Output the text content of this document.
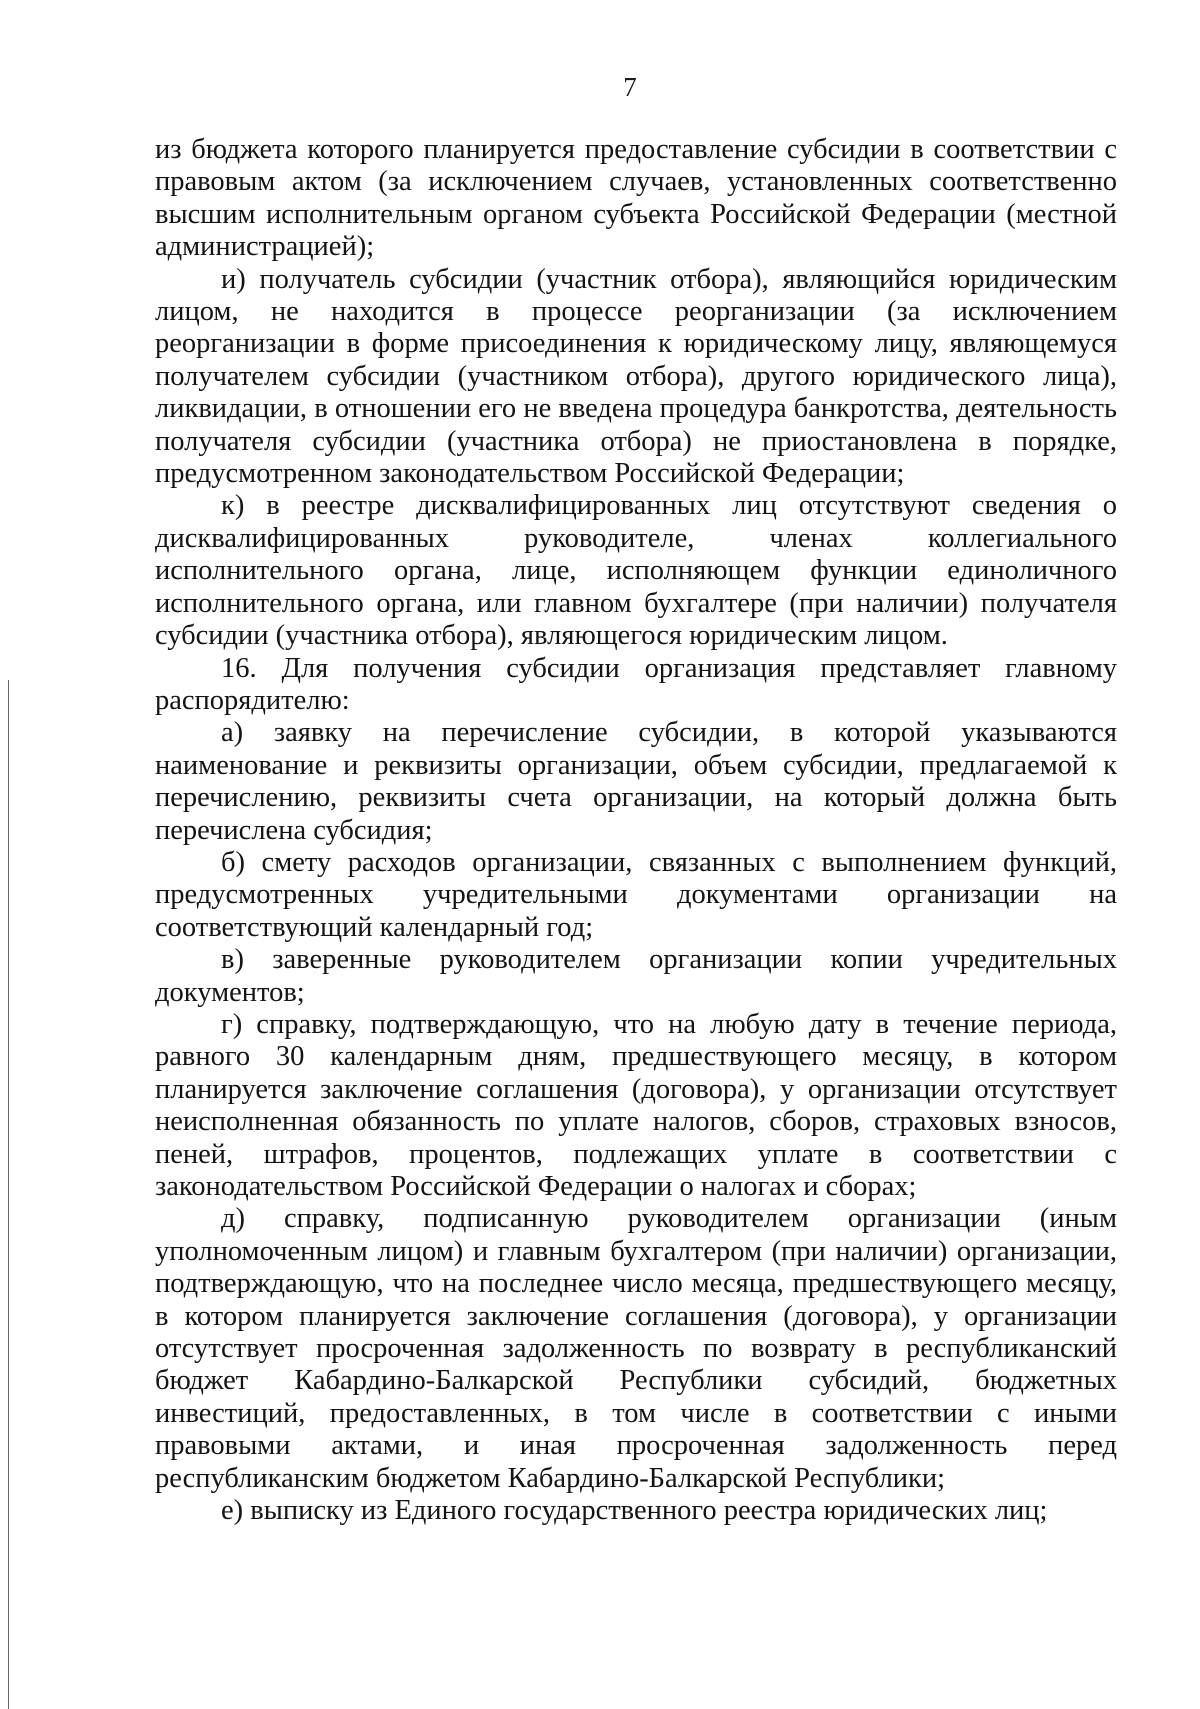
7

из бюджета которого планируется предоставление субсидии в соответствии с правовым актом (за исключением случаев, установленных соответственно высшим исполнительным органом субъекта Российской Федерации (местной администрацией);

и) получатель субсидии (участник отбора), являющийся юридическим лицом, не находится в процессе реорганизации (за исключением реорганизации в форме присоединения к юридическому лицу, являющемуся получателем субсидии (участником отбора), другого юридического лица), ликвидации, в отношении его не введена процедура банкротства, деятельность получателя субсидии (участника отбора) не приостановлена в порядке, предусмотренном законодательством Российской Федерации;

к) в реестре дисквалифицированных лиц отсутствуют сведения о дисквалифицированных руководителе, членах коллегиального исполнительного органа, лице, исполняющем функции единоличного исполнительного органа, или главном бухгалтере (при наличии) получателя субсидии (участника отбора), являющегося юридическим лицом.

16. Для получения субсидии организация представляет главному распорядителю:

а) заявку на перечисление субсидии, в которой указываются наименование и реквизиты организации, объем субсидии, предлагаемой к перечислению, реквизиты счета организации, на который должна быть перечислена субсидия;

б) смету расходов организации, связанных с выполнением функций, предусмотренных учредительными документами организации на соответствующий календарный год;

в) заверенные руководителем организации копии учредительных документов;

г) справку, подтверждающую, что на любую дату в течение периода, равного 30 календарным дням, предшествующего месяцу, в котором планируется заключение соглашения (договора), у организации отсутствует неисполненная обязанность по уплате налогов, сборов, страховых взносов, пеней, штрафов, процентов, подлежащих уплате в соответствии с законодательством Российской Федерации о налогах и сборах;

д) справку, подписанную руководителем организации (иным уполномоченным лицом) и главным бухгалтером (при наличии) организации, подтверждающую, что на последнее число месяца, предшествующего месяцу, в котором планируется заключение соглашения (договора), у организации отсутствует просроченная задолженность по возврату в республиканский бюджет Кабардино-Балкарской Республики субсидий, бюджетных инвестиций, предоставленных, в том числе в соответствии с иными правовыми актами, и иная просроченная задолженность перед республиканским бюджетом Кабардино-Балкарской Республики;

е) выписку из Единого государственного реестра юридических лиц;
